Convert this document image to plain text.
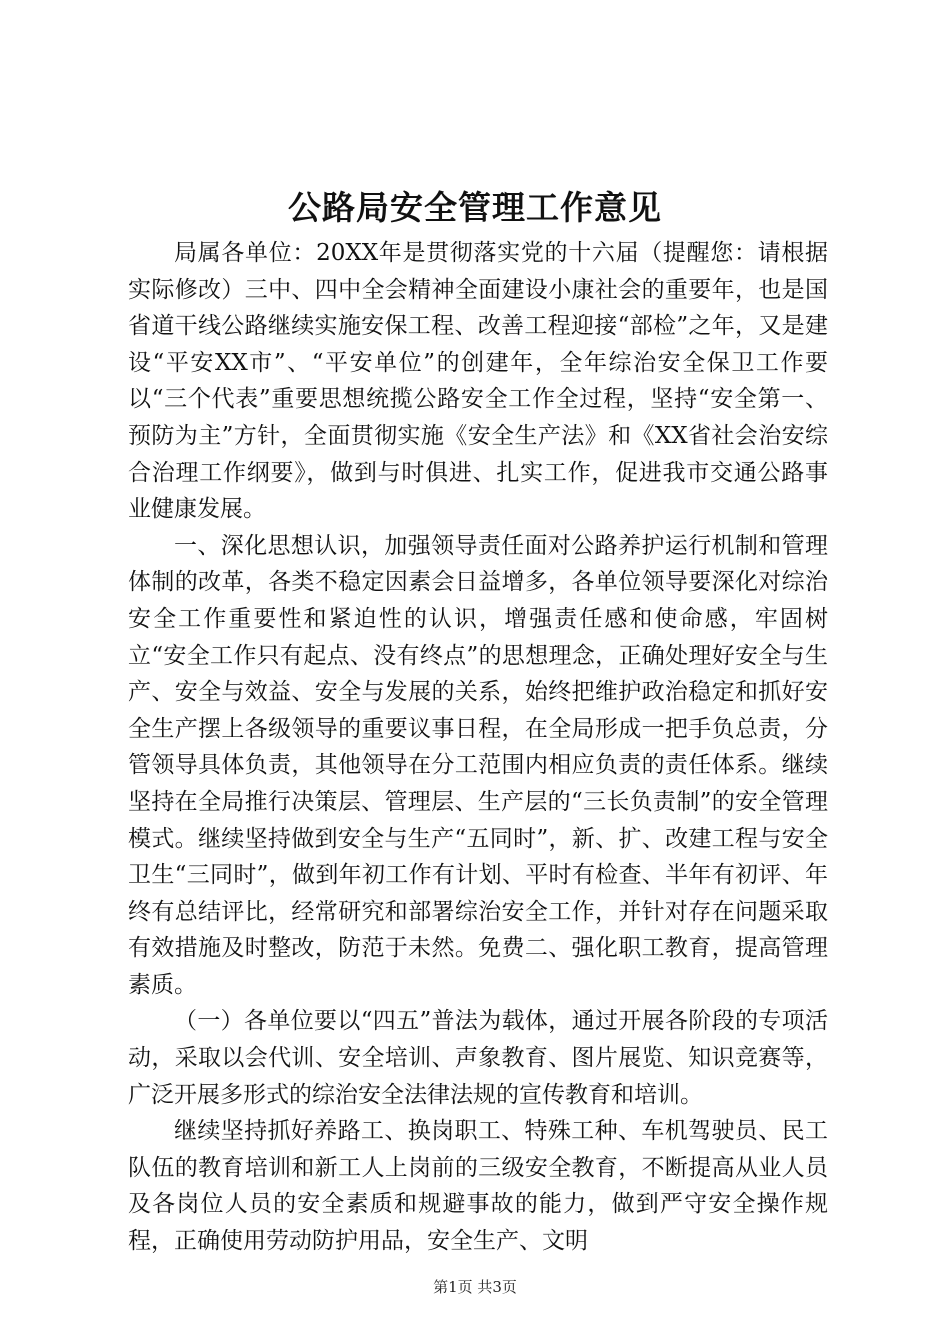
公路局安全管理工作意见

局属各单位：20XX年是贯彻落实党的十六届（提醒您：请根据实际修改）三中、四中全会精神全面建设小康社会的重要年，也是国省道干线公路继续实施安保工程、改善工程迎接“部检”之年，又是建设“平安XX市”、“平安单位”的创建年，全年综治安全保卫工作要以“三个代表”重要思想统揽公路安全工作全过程，坚持“安全第一、预防为主”方针，全面贯彻实施《安全生产法》和《XX省社会治安综合治理工作纲要》，做到与时俱进、扎实工作，促进我市交通公路事业健康发展。

一、深化思想认识，加强领导责任面对公路养护运行机制和管理体制的改革，各类不稳定因素会日益增多，各单位领导要深化对综治安全工作重要性和紧迫性的认识，增强责任感和使命感，牢固树立“安全工作只有起点、没有终点”的思想理念，正确处理好安全与生产、安全与效益、安全与发展的关系，始终把维护政治稳定和抓好安全生产摆上各级领导的重要议事日程，在全局形成一把手负总责，分管领导具体负责，其他领导在分工范围内相应负责的责任体系。继续坚持在全局推行决策层、管理层、生产层的“三长负责制”的安全管理模式。继续坚持做到安全与生产“五同时”，新、扩、改建工程与安全卫生“三同时”，做到年初工作有计划、平时有检查、半年有初评、年终有总结评比，经常研究和部署综治安全工作，并针对存在问题采取有效措施及时整改，防范于未然。免费二、强化职工教育，提高管理素质。

（一）各单位要以“四五”普法为载体，通过开展各阶段的专项活动，采取以会代训、安全培训、声象教育、图片展览、知识竞赛等，广泛开展多形式的综治安全法律法规的宣传教育和培训。

继续坚持抓好养路工、换岗职工、特殊工种、车机驾驶员、民工队伍的教育培训和新工人上岗前的三级安全教育，不断提高从业人员及各岗位人员的安全素质和规避事故的能力，做到严守安全操作规程，正确使用劳动防护用品，安全生产、文明

第1页 共3页
